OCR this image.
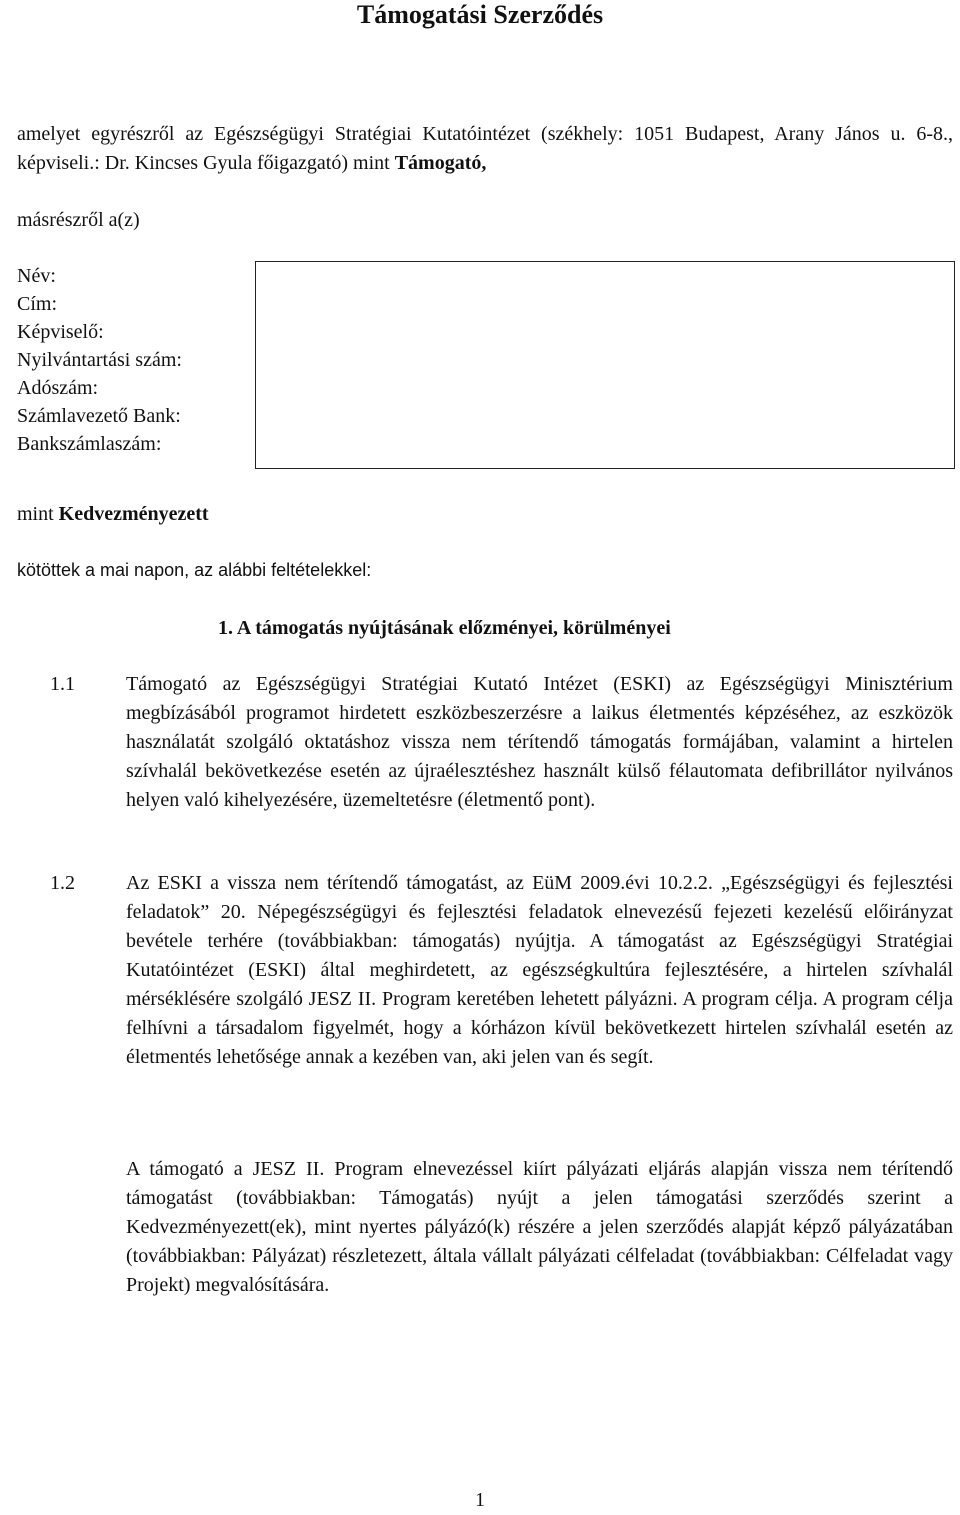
Támogatási Szerződés

amelyet egyrészről az Egészségügyi Stratégiai Kutatóintézet (székhely: 1051 Budapest, Arany János u. 6-8., képviseli.: Dr. Kincses Gyula főigazgató) mint Támogató,

másrészről a(z)

Név:
Cím:
Képviselő:
Nyilvántartási szám:
Adószám:
Számlavezető Bank:
Bankszámlaszám:

mint Kedvezményezett

kötöttek a mai napon, az alábbi feltételekkel:

1. A támogatás nyújtásának előzményei, körülményei

1.1	Támogató az Egészségügyi Stratégiai Kutató Intézet (ESKI) az Egészségügyi Minisztérium megbízásából programot hirdetett eszközbeszerzésre a laikus életmentés képzéséhez, az eszközök használatát szolgáló oktatáshoz vissza nem térítendő támogatás formájában, valamint a hirtelen szívhalál bekövetkezése esetén az újraélesztéshez használt külső félautomata defibrillátor nyilvános helyen való kihelyezésére, üzemeltetésre (életmentő pont).

1.2	Az ESKI a vissza nem térítendő támogatást, az EüM 2009.évi 10.2.2. „Egészségügyi és fejlesztési feladatok” 20. Népegészségügyi és fejlesztési feladatok elnevezésű fejezeti kezelésű előirányzat bevétele terhére (továbbiakban: támogatás) nyújtja. A támogatást az Egészségügyi Stratégiai Kutatóintézet (ESKI) által meghirdetett, az egészségkultúra fejlesztésére, a hirtelen szívhalál mérséklésére szolgáló JESZ II. Program keretében lehetett pályázni. A program célja. A program célja felhívni a társadalom figyelmét, hogy a kórházon kívül bekövetkezett hirtelen szívhalál esetén az életmentés lehetősége annak a kezében van, aki jelen van és segít.

A támogató a JESZ II. Program elnevezéssel kiírt pályázati eljárás alapján vissza nem térítendő támogatást (továbbiakban: Támogatás) nyújt a jelen támogatási szerződés szerint a Kedvezményezett(ek), mint nyertes pályázó(k) részére a jelen szerződés alapját képző pályázatában (továbbiakban: Pályázat) részletezett, általa vállalt pályázati célfeladat (továbbiakban: Célfeladat vagy Projekt) megvalósítására.

1
